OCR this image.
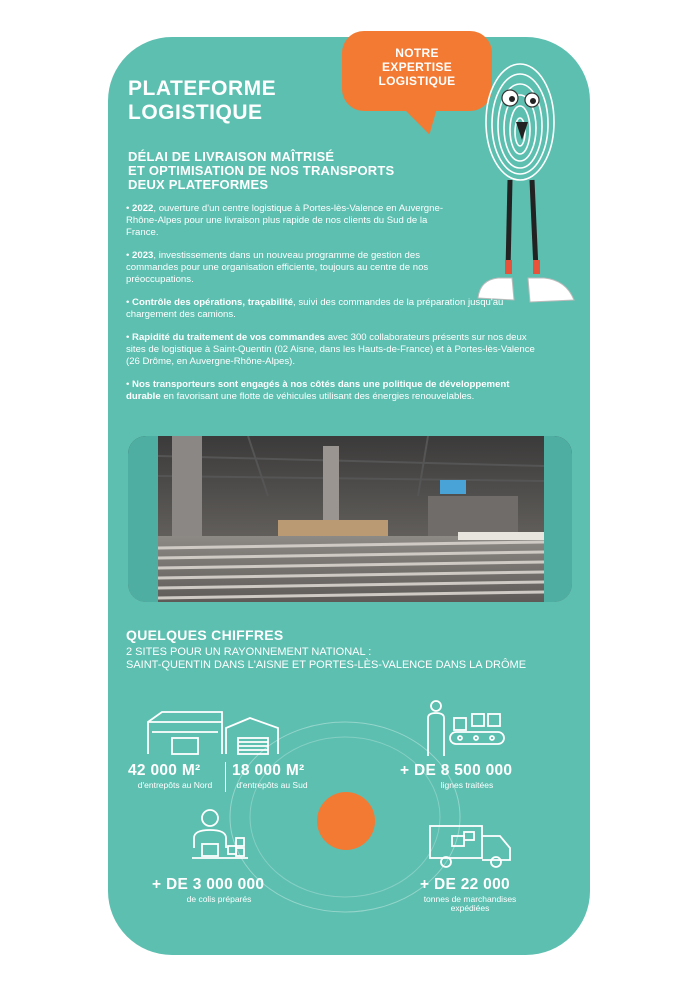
PLATEFORME
LOGISTIQUE
NOTRE
EXPERTISE
LOGISTIQUE
DÉLAI DE LIVRAISON MAÎTRISÉ
ET OPTIMISATION DE NOS TRANSPORTS
DEUX PLATEFORMES

• 2022, ouverture d'un centre logistique à Portes-lès-Valence en Auvergne-Rhône-Alpes pour une livraison plus rapide de nos clients du Sud de la France.

• 2023, investissements dans un nouveau programme de gestion des commandes pour une organisation efficiente, toujours au centre de nos préoccupations.

• Contrôle des opérations, traçabilité, suivi des commandes de la préparation jusqu'au chargement des camions.

• Rapidité du traitement de vos commandes avec 300 collaborateurs présents sur nos deux sites de logistique à Saint-Quentin (02 Aisne, dans les Hauts-de-France) et à Portes-lès-Valence (26 Drôme, en Auvergne-Rhône-Alpes).

• Nos transporteurs sont engagés à nos côtés dans une politique de développement durable en favorisant une flotte de véhicules utilisant des énergies renouvelables.

QUELQUES CHIFFRES
2 SITES POUR UN RAYONNEMENT NATIONAL :
SAINT-QUENTIN DANS L'AISNE ET PORTES-LÈS-VALENCE DANS LA DRÔME
42 000 M²
d'entrepôts au Nord
18 000 M²
d'entrepôts au Sud
+ DE 8 500 000
lignes traitées
+ DE 3 000 000
de colis préparés
+ DE 22 000
tonnes de marchandises
expédiées
